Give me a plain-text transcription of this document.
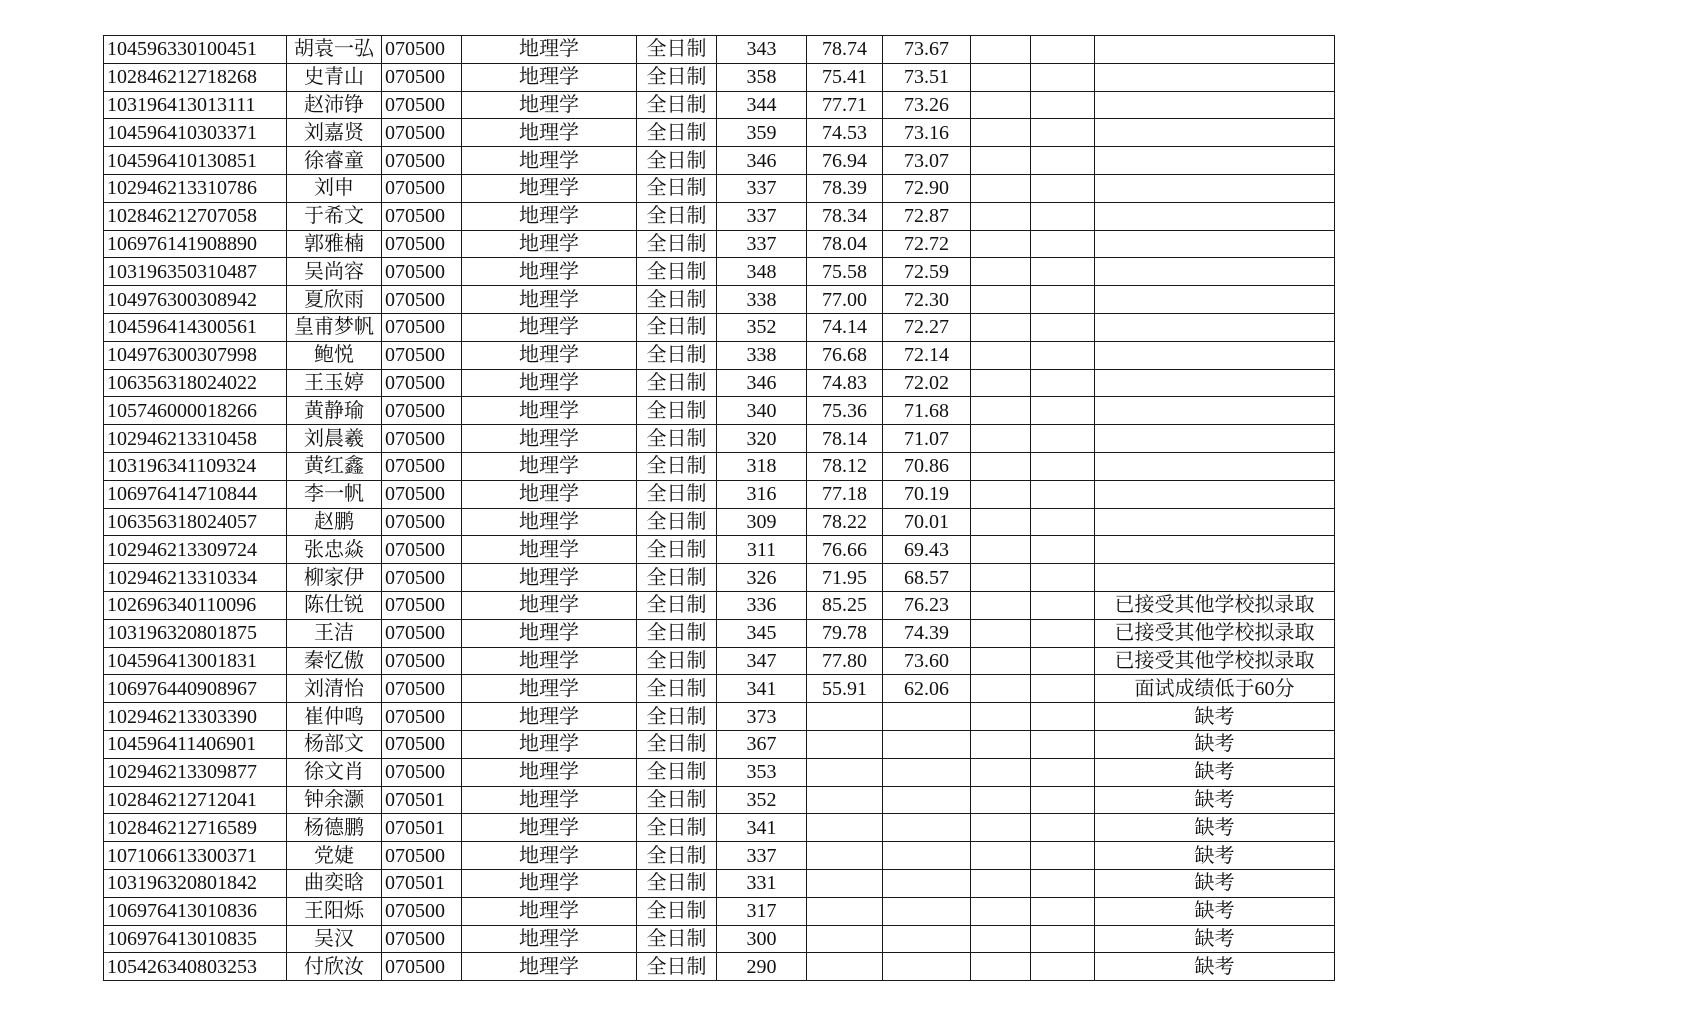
104596330100451	胡袁一弘	070500	地理学	全日制	343	78.74	73.67			
102846212718268	史青山	070500	地理学	全日制	358	75.41	73.51			
103196413013111	赵沛铮	070500	地理学	全日制	344	77.71	73.26			
104596410303371	刘嘉贤	070500	地理学	全日制	359	74.53	73.16			
104596410130851	徐睿童	070500	地理学	全日制	346	76.94	73.07			
102946213310786	刘申	070500	地理学	全日制	337	78.39	72.90			
102846212707058	于希文	070500	地理学	全日制	337	78.34	72.87			
106976141908890	郭雅楠	070500	地理学	全日制	337	78.04	72.72			
103196350310487	吴尚容	070500	地理学	全日制	348	75.58	72.59			
104976300308942	夏欣雨	070500	地理学	全日制	338	77.00	72.30			
104596414300561	皇甫梦帆	070500	地理学	全日制	352	74.14	72.27			
104976300307998	鲍悦	070500	地理学	全日制	338	76.68	72.14			
106356318024022	王玉婷	070500	地理学	全日制	346	74.83	72.02			
105746000018266	黄静瑜	070500	地理学	全日制	340	75.36	71.68			
102946213310458	刘晨羲	070500	地理学	全日制	320	78.14	71.07			
103196341109324	黄红鑫	070500	地理学	全日制	318	78.12	70.86			
106976414710844	李一帆	070500	地理学	全日制	316	77.18	70.19			
106356318024057	赵鹏	070500	地理学	全日制	309	78.22	70.01			
102946213309724	张忠焱	070500	地理学	全日制	311	76.66	69.43			
102946213310334	柳家伊	070500	地理学	全日制	326	71.95	68.57			
102696340110096	陈仕锐	070500	地理学	全日制	336	85.25	76.23			已接受其他学校拟录取
103196320801875	王洁	070500	地理学	全日制	345	79.78	74.39			已接受其他学校拟录取
104596413001831	秦忆傲	070500	地理学	全日制	347	77.80	73.60			已接受其他学校拟录取
106976440908967	刘清怡	070500	地理学	全日制	341	55.91	62.06			面试成绩低于60分
102946213303390	崔仲鸣	070500	地理学	全日制	373					缺考
104596411406901	杨部文	070500	地理学	全日制	367					缺考
102946213309877	徐文肖	070500	地理学	全日制	353					缺考
102846212712041	钟余灏	070501	地理学	全日制	352					缺考
102846212716589	杨德鹏	070501	地理学	全日制	341					缺考
107106613300371	党婕	070500	地理学	全日制	337					缺考
103196320801842	曲奕晗	070501	地理学	全日制	331					缺考
106976413010836	王阳烁	070500	地理学	全日制	317					缺考
106976413010835	吴汉	070500	地理学	全日制	300					缺考
105426340803253	付欣汝	070500	地理学	全日制	290					缺考
